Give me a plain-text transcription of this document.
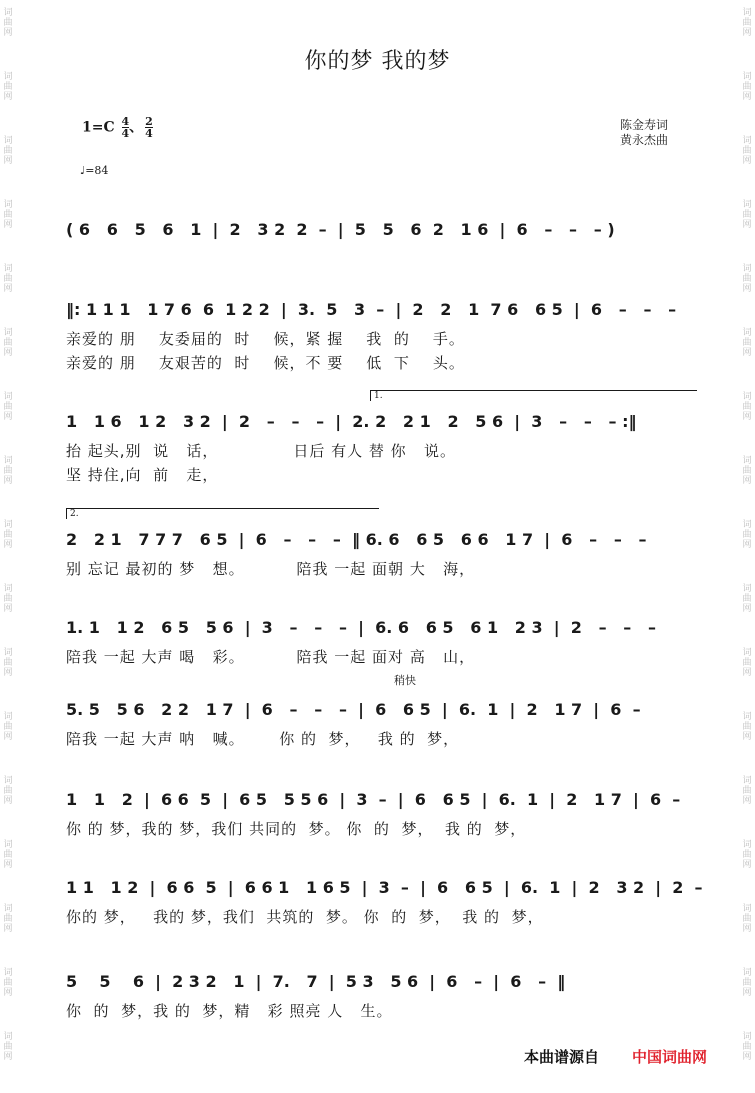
词
曲
网
词
曲
网
词
曲
网
词
曲
网
词
曲
网
词
曲
网
词
曲
网
词
曲
网
词
曲
网
词
曲
网
词
曲
网
词
曲
网
词
曲
网
词
曲
网
词
曲
网
词
曲
网
词
曲
网
词
曲
网
词
曲
网
词
曲
网
词
曲
网
词
曲
网
词
曲
网
词
曲
网
词
曲
网
词
曲
网
词
曲
网
词
曲
网
词
曲
网
词
曲
网
词
曲
网
词
曲
网
词
曲
网
词
曲
网
你的梦 我的梦
$1=C \frac{4}{4}$ 、 $\frac{2}{4}$
♩=84
陈金寿词
黄永杰曲
( 6   6   5   6   1  |  2   3 2  2  –  |  5   5   6  2   1 6  |  6   –   –   – )
‖: 1 1 1   1 7 6  6  1 2 2  |  3.  5   3  –  |  2   2   1  7 6   6 5  |  6   –   –   –
亲爱的 朋    友委届的  时    候，紧 握    我  的    手。
亲爱的 朋    友艰苦的  时    候，不 要    低  下    头。
1   1 6   1 2   3 2  |  2   –   –   –  |  2. 2   2 1   2   5 6  |  3   –   –   – :‖
抬 起头,别  说   话，             日后 有人 替 你   说。
坚 持住,向  前   走，
2   2 1   7 7 7   6 5  |  6   –   –   –  ‖ 6. 6   6 5   6 6   1 7  |  6   –   –   –
别 忘记 最初的 梦   想。         陪我 一起 面朝 大   海，
1. 1   1 2   6 5   5 6  |  3   –   –   –  |  6. 6   6 5   6 1   2 3  |  2   –   –   –
陪我 一起 大声 喝   彩。         陪我 一起 面对 高   山，
5. 5   5 6   2 2   1 7  |  6   –   –   –  |  6   6 5  |  6.  1  |  2   1 7  |  6  –
陪我 一起 大声 呐   喊。      你 的  梦，   我 的  梦，
1   1   2  |  6 6  5  |  6 5   5 5 6  |  3  –  |  6   6 5  |  6.  1  |  2   1 7  |  6  –
你 的 梦，我的 梦，我们 共同的  梦。 你  的  梦，  我 的  梦，
1 1   1 2  |  6 6  5  |  6 6 1   1 6 5  |  3  –  |  6   6 5  |  6.  1  |  2   3 2  |  2  –
你的 梦，   我的 梦，我们  共筑的  梦。 你  的  梦，  我 的  梦，
5    5    6  |  2 3 2   1  |  7.   7  |  5 3   5 6  |  6   –  |  6   –  ‖
你  的  梦，我 的  梦，精   彩 照亮 人   生。
1.
2.
稍快
本曲谱源自 中国词曲网
